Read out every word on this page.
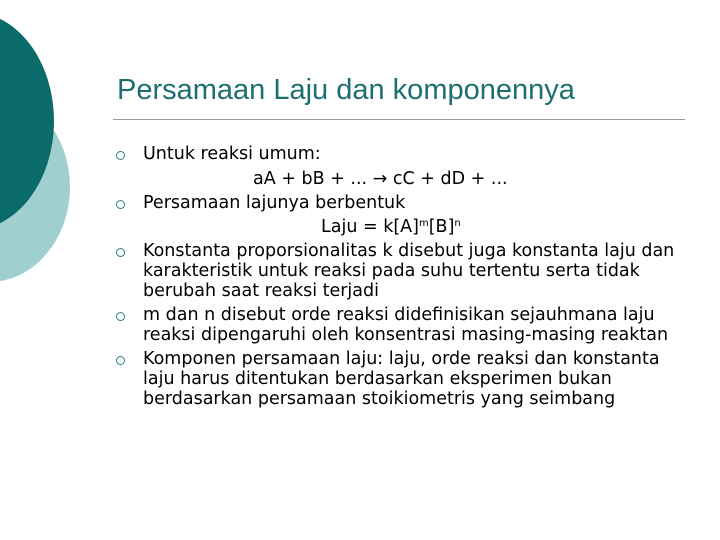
Persamaan Laju dan komponennya
Untuk reaksi umum:
aA + bB + ... → cC + dD + ...
Persamaan lajunya berbentuk
Laju = $k[A]^m[B]^n$
Konstanta proporsionalitas k disebut juga konstanta laju dan karakteristik untuk reaksi pada suhu tertentu serta tidak berubah saat reaksi terjadi
m dan n disebut orde reaksi didefinisikan sejauhmana laju reaksi dipengaruhi oleh konsentrasi masing-masing reaktan
Komponen persamaan laju: laju, orde reaksi dan konstanta laju harus ditentukan berdasarkan eksperimen bukan berdasarkan persamaan stoikiometris yang seimbang
